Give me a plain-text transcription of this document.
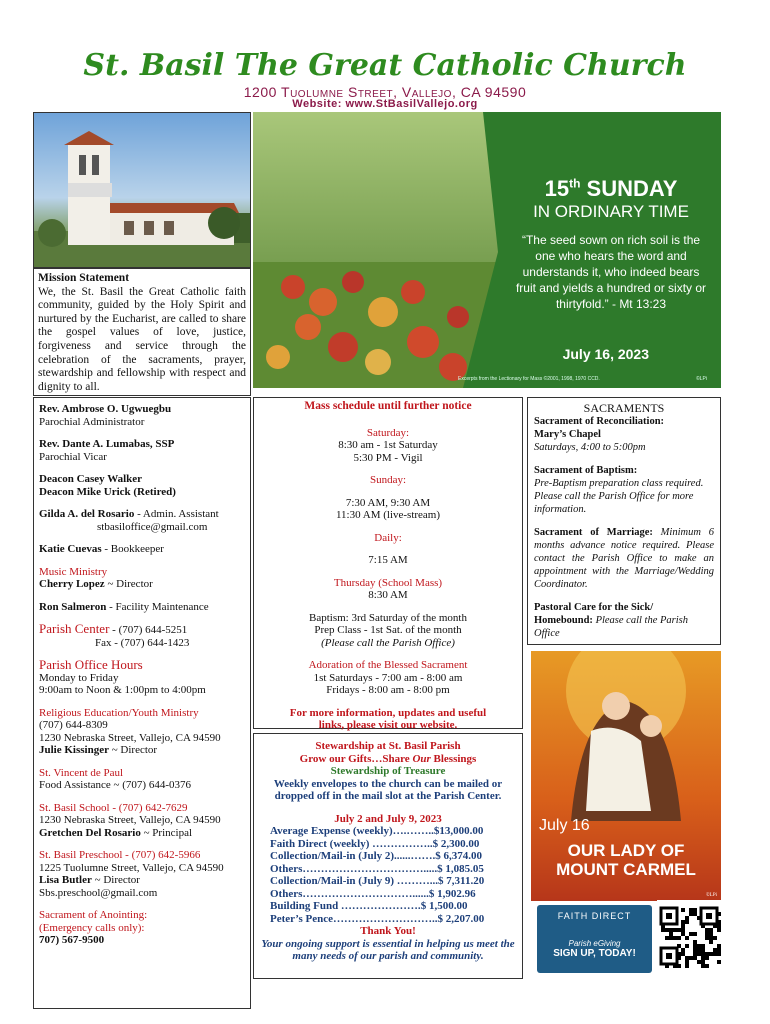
St. Basil The Great Catholic Church
1200 Tuolumne Street, Vallejo, CA 94590
Website: www.StBasilVallejo.org
Mission Statement
We, the St. Basil the Great Catholic faith community, guided by the Holy Spirit and nurtured by the Eucharist, are called to share the gospel values of love, justice, forgiveness and service through the celebration of the sacraments, prayer, stewardship and fellowship with respect and dignity to all.
15th SUNDAY
IN ORDINARY TIME
“The seed sown on rich soil is the one who hears the word and understands it, who indeed bears fruit and yields a hundred or sixty or thirtyfold.” - Mt 13:23
July 16, 2023
Excerpts from the Lectionary for Mass ©2001, 1998, 1970 CCD.	©LPi

Rev. Ambrose O. Ugwuegbu

Parochial Administrator

Rev. Dante A. Lumabas, SSP

Parochial Vicar

Deacon Casey Walker

Deacon Mike Urick (Retired)

Gilda A. del Rosario - Admin. Assistant

stbasiloffice@gmail.com

Katie Cuevas - Bookkeeper

Music Ministry

Cherry Lopez ~ Director

Ron Salmeron - Facility Maintenance

Parish Center - (707) 644-5251

Fax - (707) 644-1423

Parish Office Hours

Monday to Friday

9:00am to Noon & 1:00pm to 4:00pm

Religious Education/Youth Ministry

(707) 644-8309

1230 Nebraska Street, Vallejo, CA 94590

Julie Kissinger ~ Director

St. Vincent de Paul

Food Assistance ~ (707) 644-0376

St. Basil School - (707) 642-7629

1230 Nebraska Street, Vallejo, CA 94590

Gretchen Del Rosario ~ Principal

St. Basil Preschool - (707) 642-5966

1225 Tuolumne Street, Vallejo, CA 94590

Lisa Butler ~ Director

Sbs.preschool@gmail.com

Sacrament of Anointing:

(Emergency calls only):

707) 567-9500

Mass schedule until further notice

Saturday:

8:30 am - 1st Saturday

5:30 PM - Vigil

Sunday:

7:30 AM, 9:30 AM

11:30 AM (live-stream)

Daily:

7:15 AM

Thursday (School Mass)

8:30 AM

Baptism: 3rd Saturday of the month

Prep Class - 1st Sat. of the month

(Please call the Parish Office)

Adoration of the Blessed Sacrament

1st Saturdays - 7:00 am - 8:00 am

Fridays - 8:00 am - 8:00 pm

For more information, updates and useful links, please visit our website.

Stewardship at St. Basil Parish

Grow our Gifts…Share Our Blessings

Stewardship of Treasure

Weekly envelopes to the church can be mailed or dropped off in the mail slot at the Parish Center.

July 2 and July 9, 2023

Average Expense (weekly)….……..$13,000.00
Faith Direct (weekly) ……………..$ 2,300.00
Collection/Mail-in (July 2)......…….$ 6,374.00
Others…………………………….....$ 1,085.05
Collection/Mail-in (July 9) ………...$ 7,311.20
Others…………………………......$ 1,902.96
Building Fund ………………….$ 1,500.00
Peter’s Pence………………………..$ 2,207.00

Thank You!

Your ongoing support is essential in helping us meet the many needs of our parish and community.

SACRAMENTS

Sacrament of Reconciliation:

Mary’s Chapel

Saturdays, 4:00 to 5:00pm

Sacrament of Baptism:

Pre-Baptism preparation class required. Please call the Parish Office for more information.

Sacrament of Marriage: Minimum 6 months advance notice required. Please contact the Parish Office to make an appointment with the Marriage/Wedding Coordinator.

Pastoral Care for the Sick/ Homebound: Please call the Parish Office

July 16
OUR LADY OF
MOUNT CARMEL
©LPi
FAITH DIRECT
Parish eGiving
SIGN UP, TODAY!
